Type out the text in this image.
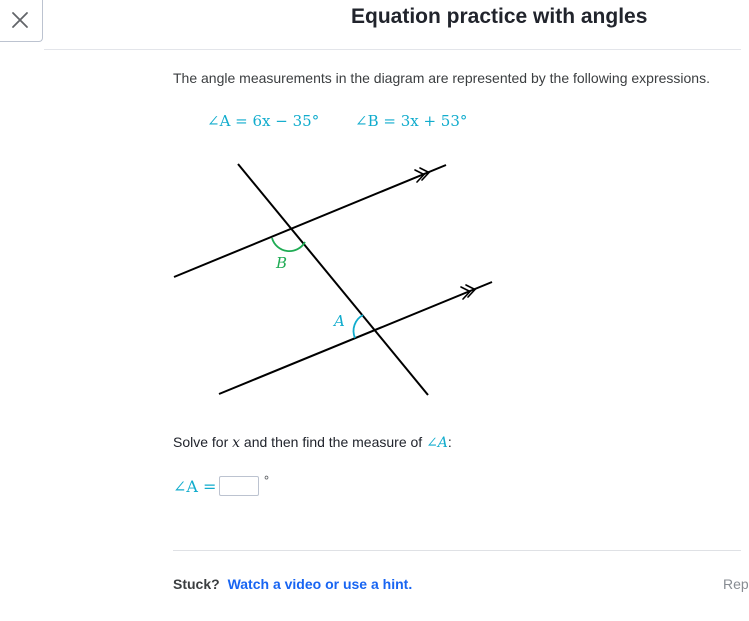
Equation practice with angles
The angle measurements in the diagram are represented by the following expressions.
∠A = 6x − 35° ∠B = 3x + 53°
B
A
Solve for x and then find the measure of ∠A:
∠A =	°
Stuck? Watch a video or use a hint.	Rep
